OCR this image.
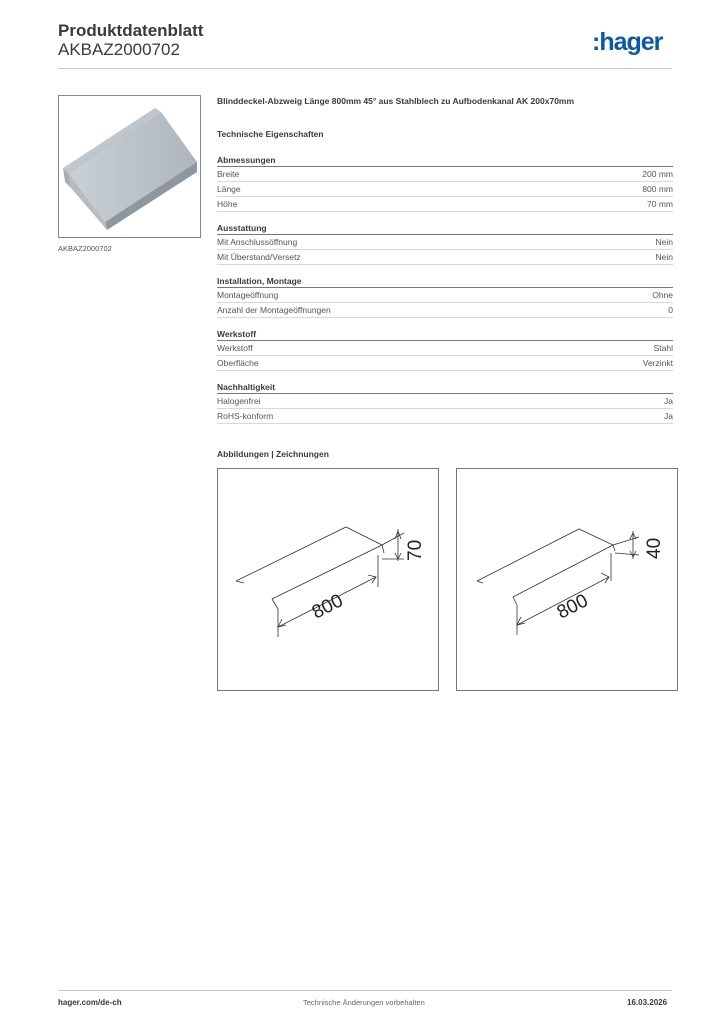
Produktdatenblatt
AKBAZ2000702	:hager
AKBAZ2000702
Blinddeckel-Abzweig Länge 800mm 45° aus Stahlblech zu Aufbodenkanal AK 200x70mm
Technische Eigenschaften
Abmessungen
Breite	200 mm
Länge	800 mm
Höhe	70 mm
Ausstattung
Mit Anschlussöffnung	Nein
Mit Überstand/Versetz	Nein
Installation, Montage
Montageöffnung	Ohne
Anzahl der Montageöffnungen	0
Werkstoff
Werkstoff	Stahl
Oberfläche	Verzinkt
Nachhaltigkeit
Halogenfrei	Ja
RoHS-konform	Ja
Abbildungen | Zeichnungen
800
70
800
40
hager.com/de-ch	Technische Änderungen vorbehalten	16.03.2026
